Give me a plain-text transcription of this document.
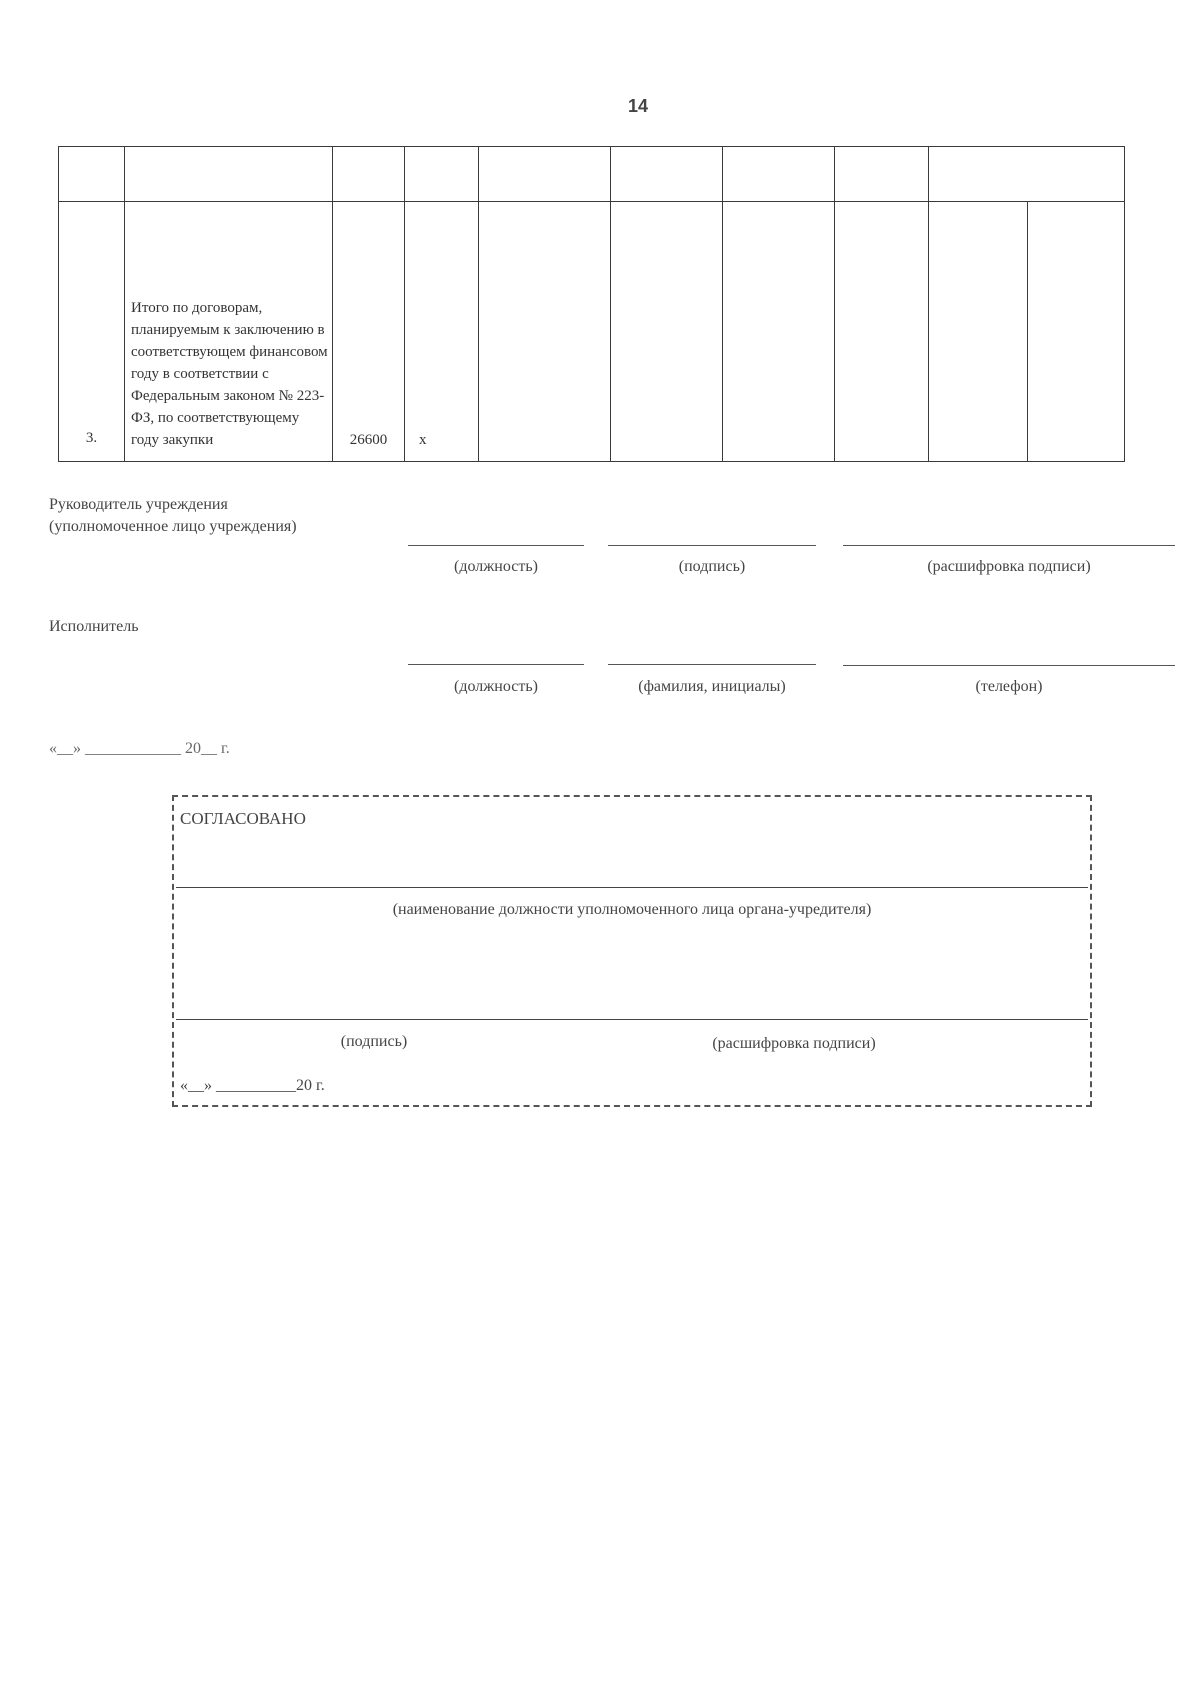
14

3.	Итого по договорам, планируемым к заключению в соответствующем финансовом году в соответствии с Федеральным законом № 223-ФЗ, по соответствующему году закупки	26600	x					
Руководитель учреждения
(уполномоченное лицо учреждения)
(должность)	(подпись)	(расшифровка подписи)
Исполнитель
(должность)	(фамилия, инициалы)	(телефон)
«__» ____________ 20__ г.
СОГЛАСОВАНО
(наименование должности уполномоченного лица органа-учредителя)
(подпись)	(расшифровка подписи)
«__» __________20 г.
